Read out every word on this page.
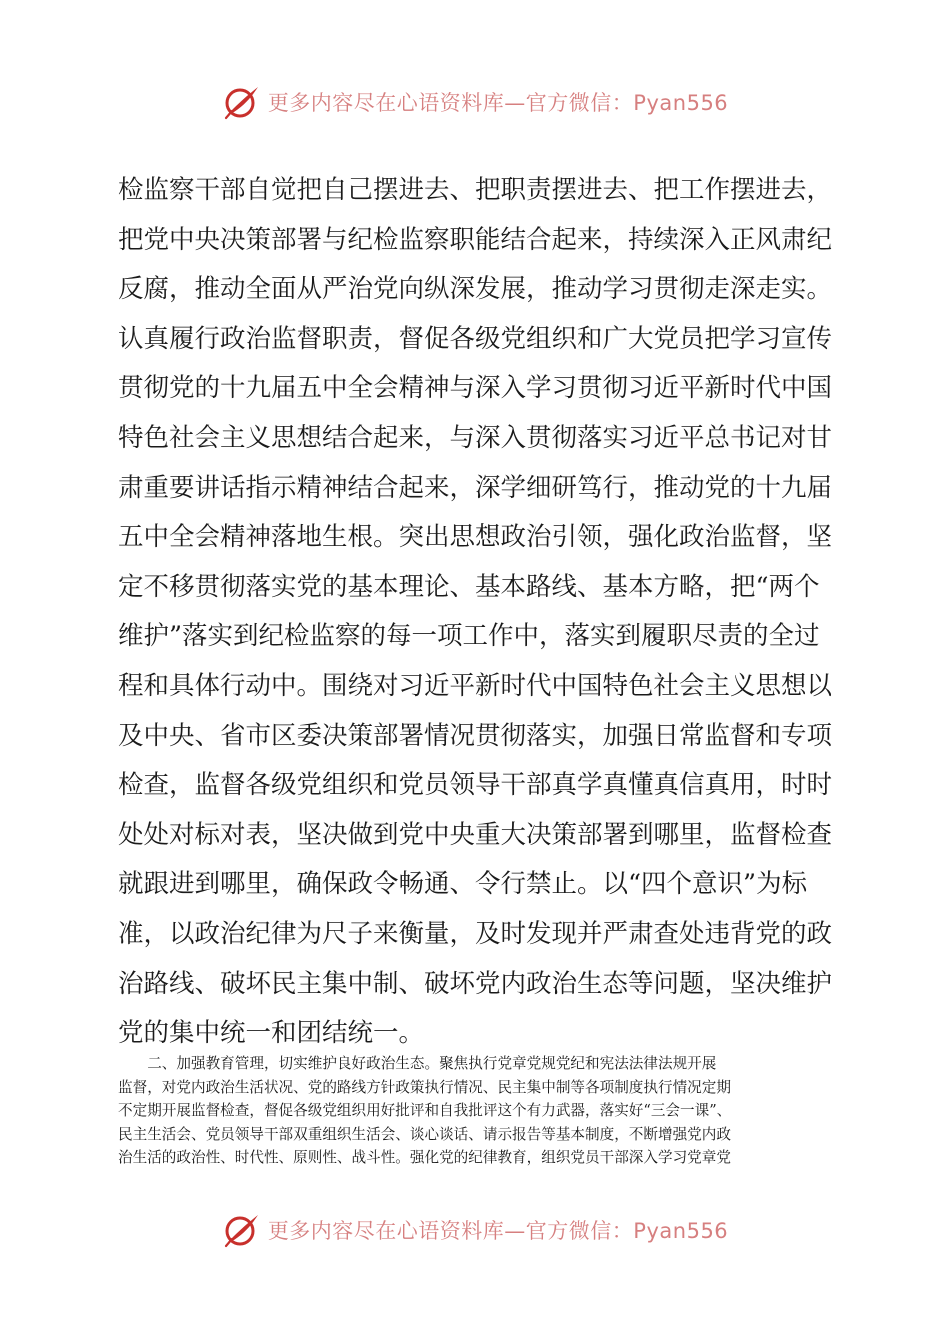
更多内容尽在心语资料库—官方微信：Pyan556
检监察干部自觉把自己摆进去、把职责摆进去、把工作摆进去，
把党中央决策部署与纪检监察职能结合起来，持续深入正风肃纪
反腐，推动全面从严治党向纵深发展，推动学习贯彻走深走实。
认真履行政治监督职责，督促各级党组织和广大党员把学习宣传
贯彻党的十九届五中全会精神与深入学习贯彻习近平新时代中国
特色社会主义思想结合起来，与深入贯彻落实习近平总书记对甘
肃重要讲话指示精神结合起来，深学细研笃行，推动党的十九届
五中全会精神落地生根。突出思想政治引领，强化政治监督，坚
定不移贯彻落实党的基本理论、基本路线、基本方略，把“两个
维护”落实到纪检监察的每一项工作中，落实到履职尽责的全过
程和具体行动中。围绕对习近平新时代中国特色社会主义思想以
及中央、省市区委决策部署情况贯彻落实，加强日常监督和专项
检查，监督各级党组织和党员领导干部真学真懂真信真用，时时
处处对标对表，坚决做到党中央重大决策部署到哪里，监督检查
就跟进到哪里，确保政令畅通、令行禁止。以“四个意识”为标
准，以政治纪律为尺子来衡量，及时发现并严肃查处违背党的政
治路线、破坏民主集中制、破坏党内政治生态等问题，坚决维护
党的集中统一和团结统一。
　　二、加强教育管理，切实维护良好政治生态。聚焦执行党章党规党纪和宪法法律法规开展
监督，对党内政治生活状况、党的路线方针政策执行情况、民主集中制等各项制度执行情况定期
不定期开展监督检查，督促各级党组织用好批评和自我批评这个有力武器，落实好“三会一课”、
民主生活会、党员领导干部双重组织生活会、谈心谈话、请示报告等基本制度，不断增强党内政
治生活的政治性、时代性、原则性、战斗性。强化党的纪律教育，组织党员干部深入学习党章党
更多内容尽在心语资料库—官方微信：Pyan556
